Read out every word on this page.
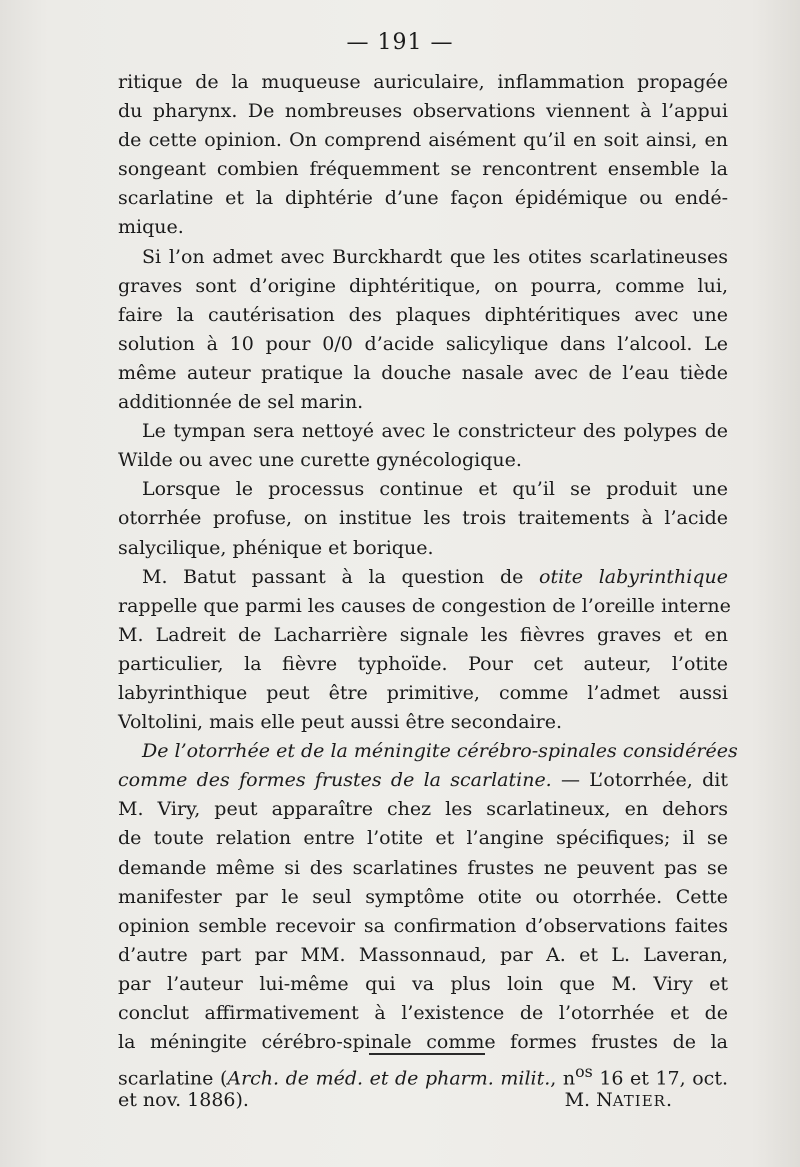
— 191 —
ritique de la muqueuse auriculaire, inflammation propagée
du pharynx. De nombreuses observations viennent à l’appui
de cette opinion. On comprend aisément qu’il en soit ainsi, en
songeant combien fréquemment se rencontrent ensemble la
scarlatine et la diphtérie d’une façon épidémique ou endé-
mique.
Si l’on admet avec Burckhardt que les otites scarlatineuses
graves sont d’origine diphtéritique, on pourra, comme lui,
faire la cautérisation des plaques diphtéritiques avec une
solution à 10 pour 0/0 d’acide salicylique dans l’alcool. Le
même auteur pratique la douche nasale avec de l’eau tiède
additionnée de sel marin.
Le tympan sera nettoyé avec le constricteur des polypes de
Wilde ou avec une curette gynécologique.
Lorsque le processus continue et qu’il se produit une
otorrhée profuse, on institue les trois traitements à l’acide
salycilique, phénique et borique.
M. Batut passant à la question de otite labyrinthique
rappelle que parmi les causes de congestion de l’oreille interne
M. Ladreit de Lacharrière signale les fièvres graves et en
particulier, la fièvre typhoïde. Pour cet auteur, l’otite
labyrinthique peut être primitive, comme l’admet aussi
Voltolini, mais elle peut aussi être secondaire.
De l’otorrhée et de la méningite cérébro-spinales considérées
comme des formes frustes de la scarlatine. — L’otorrhée, dit
M. Viry, peut apparaître chez les scarlatineux, en dehors
de toute relation entre l’otite et l’angine spécifiques; il se
demande même si des scarlatines frustes ne peuvent pas se
manifester par le seul symptôme otite ou otorrhée. Cette
opinion semble recevoir sa confirmation d’observations faites
d’autre part par MM. Massonnaud, par A. et L. Laveran,
par l’auteur lui-même qui va plus loin que M. Viry et
conclut affirmativement à l’existence de l’otorrhée et de
la méningite cérébro-spinale comme formes frustes de la
scarlatine (Arch. de méd. et de pharm. milit., $n^{os}$ 16 et 17, oct.
et nov. 1886).	M. NATIER.
